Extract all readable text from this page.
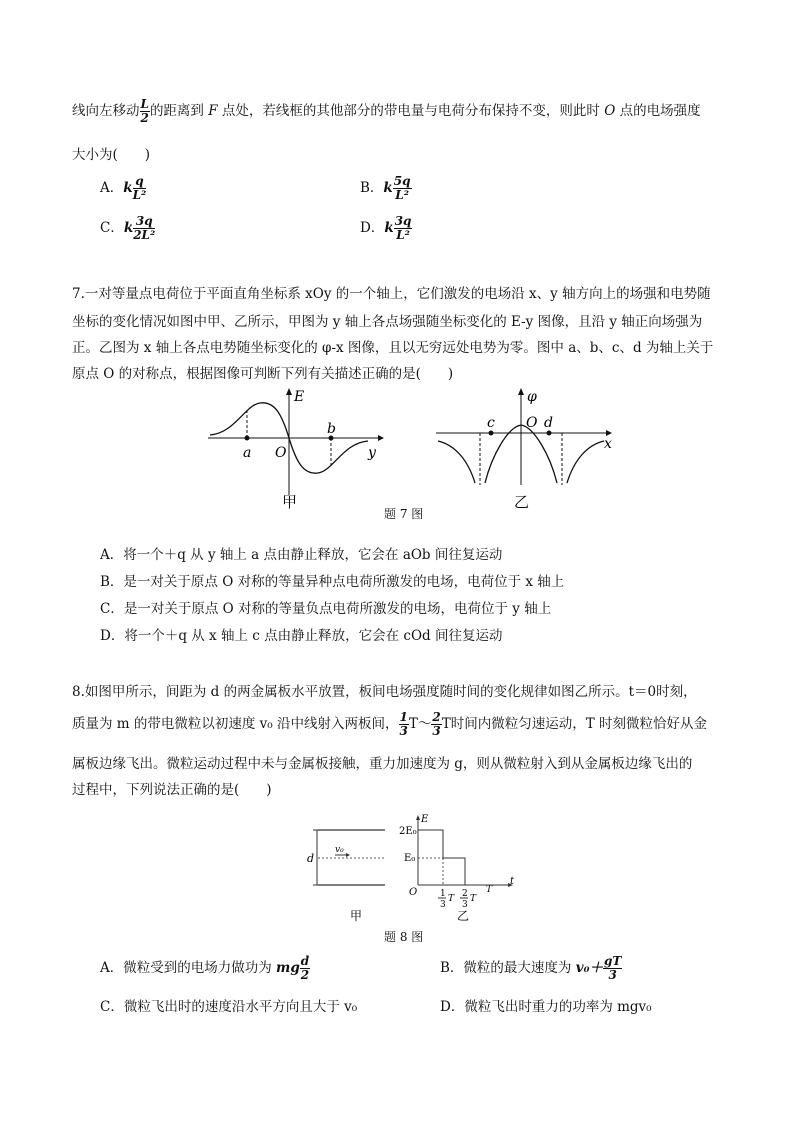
线向左移动 $\frac{L}{2}$ 的距离到 F 点处，若线框的其他部分的带电量与电荷分布保持不变，则此时 O 点的电场强度
大小为(　　)
A．k $\frac{q}{\text{L²}}$	B．k $\frac{5q}{\text{L²}}$
C．k $\frac{3q}{\text{2L²}}$	D．k $\frac{3q}{\text{L²}}$
7.一对等量点电荷位于平面直角坐标系 xOy 的一个轴上，它们激发的电场沿 x、y 轴方向上的场强和电势随
坐标的变化情况如图中甲、乙所示，甲图为 y 轴上各点场强随坐标变化的 E-y 图像，且沿 y 轴正向场强为
正。乙图为 x 轴上各点电势随坐标变化的 φ-x 图像，且以无穷远处电势为零。图中 a、b、c、d 为轴上关于
原点 O 的对称点，根据图像可判断下列有关描述正确的是(　　)
E
a
b
O	y
甲
φ
c	d
O
x
乙
题 7 图
A．将一个＋q 从 y 轴上 a 点由静止释放，它会在 aOb 间往复运动
B．是一对关于原点 O 对称的等量异种点电荷所激发的电场，电荷位于 x 轴上
C．是一对关于原点 O 对称的等量负点电荷所激发的电场，电荷位于 y 轴上
D．将一个＋q 从 x 轴上 c 点由静止释放，它会在 cOd 间往复运动
8.如图甲所示，间距为 d 的两金属板水平放置，板间电场强度随时间的变化规律如图乙所示。t＝0时刻，
质量为 m 的带电微粒以初速度 v₀ 沿中线射入两板间， $\frac{1}{3}$ T～ $\frac{2}{3}$ T时间内微粒匀速运动，T 时刻微粒恰好从金
属板边缘飞出。微粒运动过程中未与金属板接触，重力加速度为 g，则从微粒射入到从金属板边缘飞出的
过程中，下列说法正确的是(　　)
d
v₀
甲
E
2E₀
E₀
O
t
1
3
T 2
3
T
T
乙
题 8 图
A．微粒受到的电场力做功为 mg $\frac{d}{2}$	B．微粒的最大速度为 $v_0+ \frac{gT}{3}$
C．微粒飞出时的速度沿水平方向且大于 v₀	D．微粒飞出时重力的功率为 mgv₀
